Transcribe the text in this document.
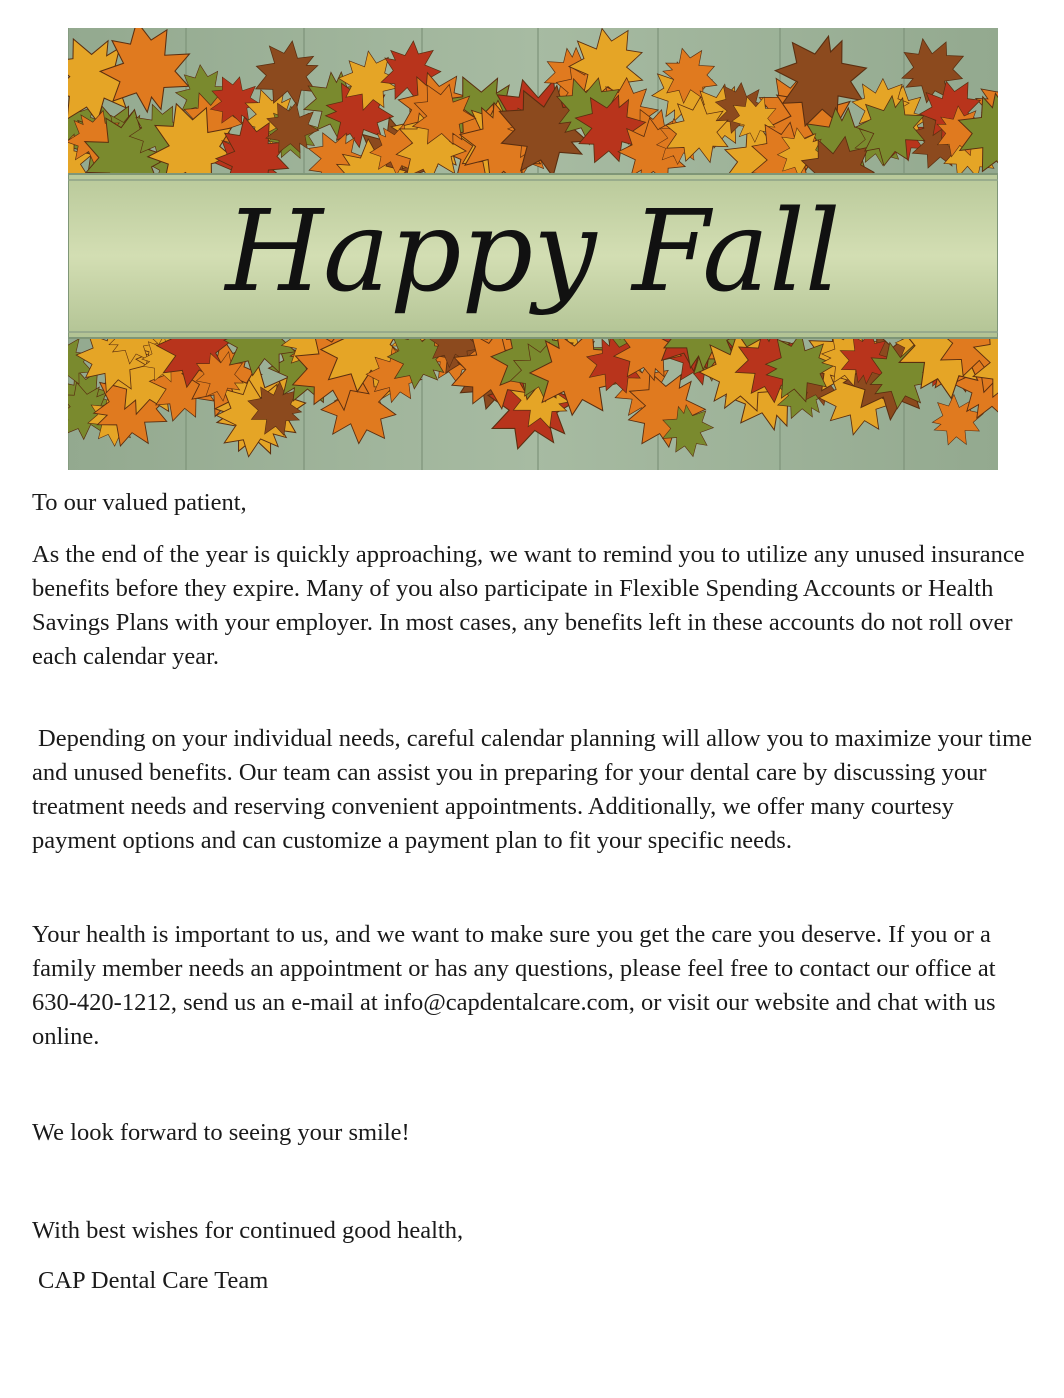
Happy Fall

To our valued patient,

As the end of the year is quickly approaching, we want to remind you to utilize any unused insurance benefits before they expire. Many of you also participate in Flexible Spending Accounts or Health Savings Plans with your employer. In most cases, any benefits left in these accounts do not roll over each calendar year.

Depending on your individual needs, careful calendar planning will allow you to maximize your time and unused benefits. Our team can assist you in preparing for your dental care by discussing your treatment needs and reserving convenient appointments. Additionally, we offer many courtesy payment options and can customize a payment plan to fit your specific needs.

Your health is important to us, and we want to make sure you get the care you deserve. If you or a family member needs an appointment or has any questions, please feel free to contact our office at 630-420-1212, send us an e-mail at info@capdentalcare.com, or visit our website and chat with us online.

We look forward to seeing your smile!

With best wishes for continued good health,

CAP Dental Care Team
